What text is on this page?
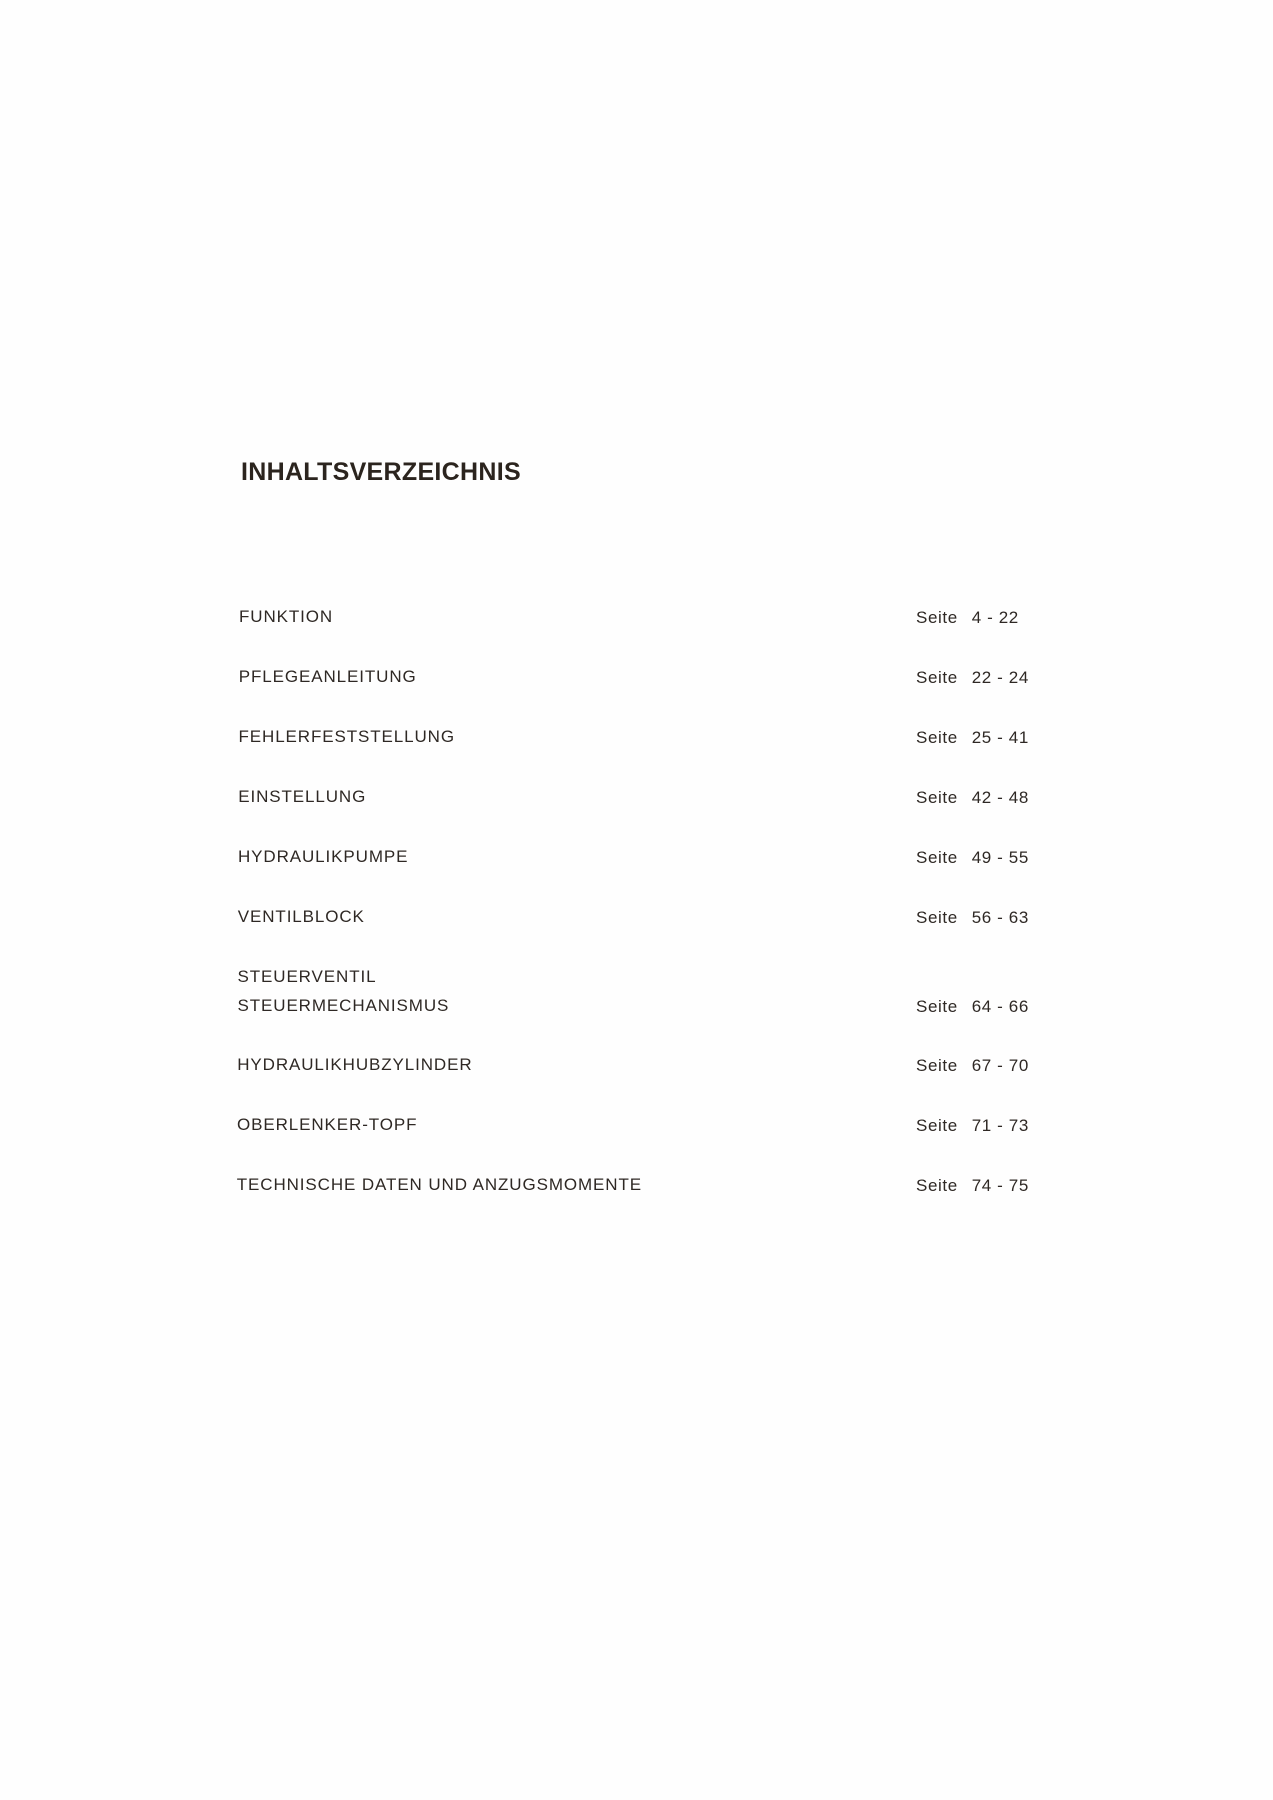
INHALTSVERZEICHNIS
FUNKTION	Seite 4 - 22
PFLEGEANLEITUNG	Seite 22 - 24
FEHLERFESTSTELLUNG	Seite 25 - 41
EINSTELLUNG	Seite 42 - 48
HYDRAULIKPUMPE	Seite 49 - 55
VENTILBLOCK	Seite 56 - 63
STEUERVENTIL
STEUERMECHANISMUS	Seite 64 - 66
HYDRAULIKHUBZYLINDER	Seite 67 - 70
OBERLENKER-TOPF	Seite 71 - 73
TECHNISCHE DATEN UND ANZUGSMOMENTE	Seite 74 - 75
